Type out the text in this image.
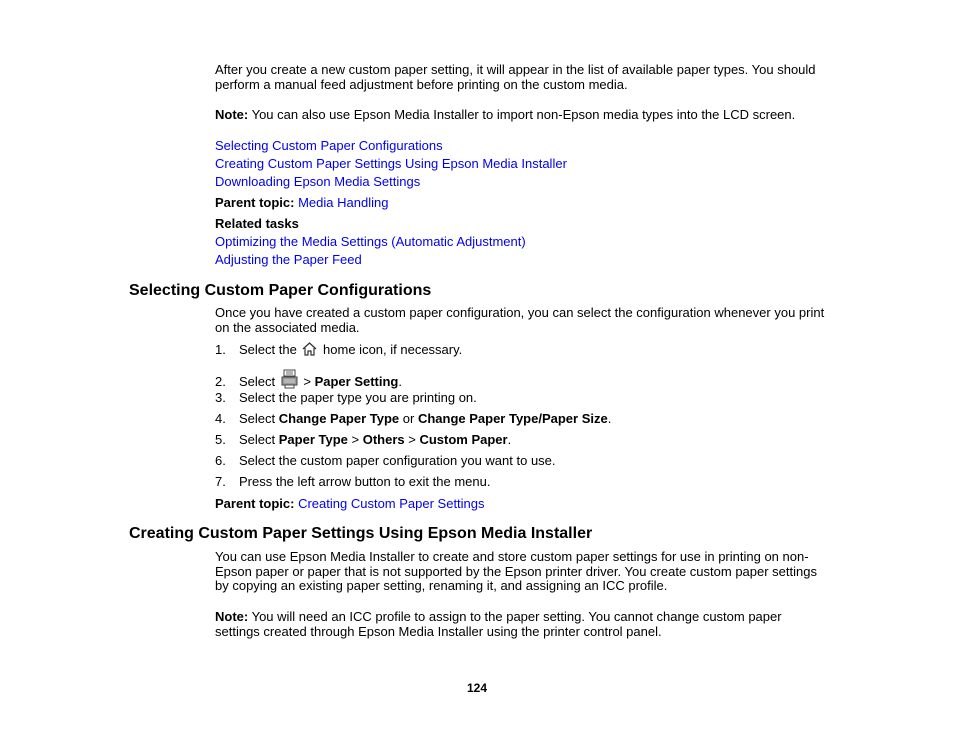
After you create a new custom paper setting, it will appear in the list of available paper types. You should perform a manual feed adjustment before printing on the custom media.
Note: You can also use Epson Media Installer to import non-Epson media types into the LCD screen.
Selecting Custom Paper Configurations
Creating Custom Paper Settings Using Epson Media Installer
Downloading Epson Media Settings
Parent topic: Media Handling
Related tasks
Optimizing the Media Settings (Automatic Adjustment)
Adjusting the Paper Feed
Selecting Custom Paper Configurations
Once you have created a custom paper configuration, you can select the configuration whenever you print on the associated media.
1. Select the  home icon, if necessary.
2. Select  > Paper Setting.
3. Select the paper type you are printing on.
4. Select Change Paper Type or Change Paper Type/Paper Size.
5. Select Paper Type > Others > Custom Paper.
6. Select the custom paper configuration you want to use.
7. Press the left arrow button to exit the menu.
Parent topic: Creating Custom Paper Settings
Creating Custom Paper Settings Using Epson Media Installer
You can use Epson Media Installer to create and store custom paper settings for use in printing on non-Epson paper or paper that is not supported by the Epson printer driver. You create custom paper settings by copying an existing paper setting, renaming it, and assigning an ICC profile.
Note: You will need an ICC profile to assign to the paper setting. You cannot change custom paper settings created through Epson Media Installer using the printer control panel.
124
